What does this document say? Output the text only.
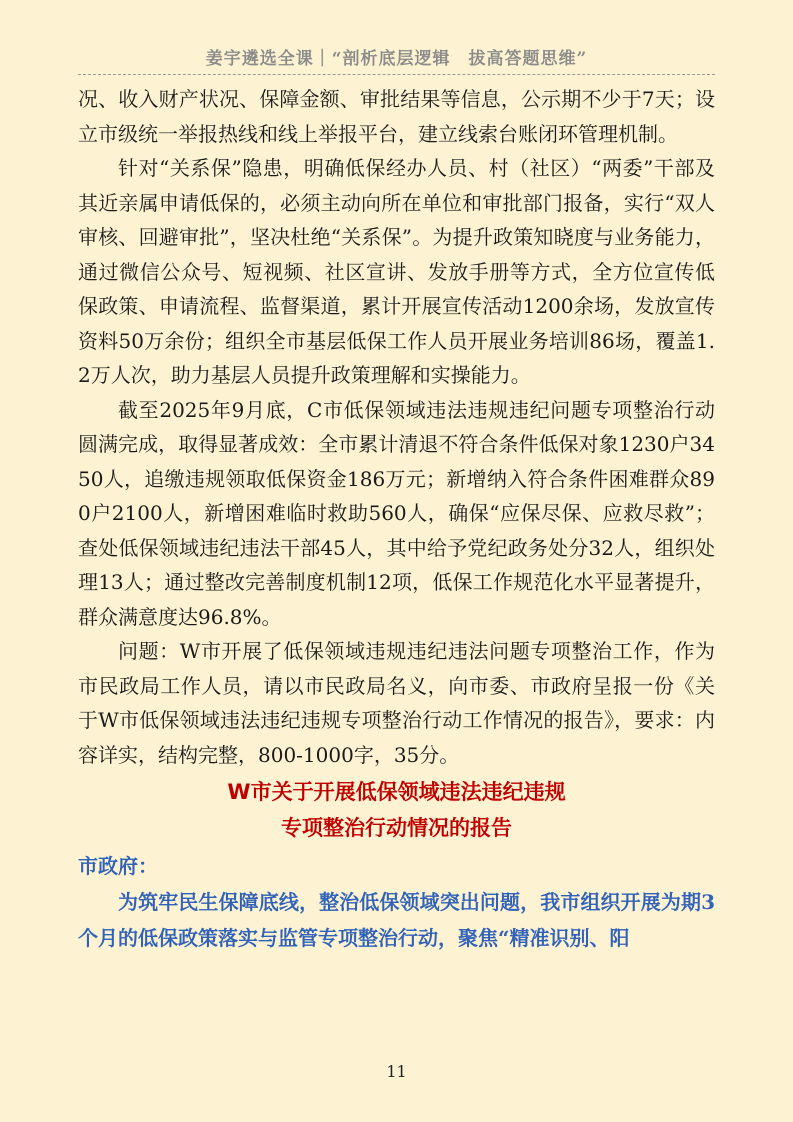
姜宇遴选全课｜“剖析底层逻辑　拔高答题思维”

况、收入财产状况、保障金额、审批结果等信息，公示期不少于7天；设立市级统一举报热线和线上举报平台，建立线索台账闭环管理机制。

针对“关系保”隐患，明确低保经办人员、村（社区）“两委”干部及其近亲属申请低保的，必须主动向所在单位和审批部门报备，实行“双人审核、回避审批”，坚决杜绝“关系保”。为提升政策知晓度与业务能力，通过微信公众号、短视频、社区宣讲、发放手册等方式，全方位宣传低保政策、申请流程、监督渠道，累计开展宣传活动1200余场，发放宣传资料50万余份；组织全市基层低保工作人员开展业务培训86场，覆盖1.2万人次，助力基层人员提升政策理解和实操能力。

截至2025年9月底，C市低保领域违法违规违纪问题专项整治行动圆满完成，取得显著成效：全市累计清退不符合条件低保对象1230户3450人，追缴违规领取低保资金186万元；新增纳入符合条件困难群众890户2100人，新增困难临时救助560人，确保“应保尽保、应救尽救”；查处低保领域违纪违法干部45人，其中给予党纪政务处分32人，组织处理13人；通过整改完善制度机制12项，低保工作规范化水平显著提升，群众满意度达96.8%。

问题：W市开展了低保领域违规违纪违法问题专项整治工作，作为市民政局工作人员，请以市民政局名义，向市委、市政府呈报一份《关于W市低保领域违法违纪违规专项整治行动工作情况的报告》，要求：内容详实，结构完整，800-1000字，35分。

W市关于开展低保领域违法违纪违规

专项整治行动情况的报告

市政府：

为筑牢民生保障底线，整治低保领域突出问题，我市组织开展为期3个月的低保政策落实与监管专项整治行动，聚焦“精准识别、阳

11
